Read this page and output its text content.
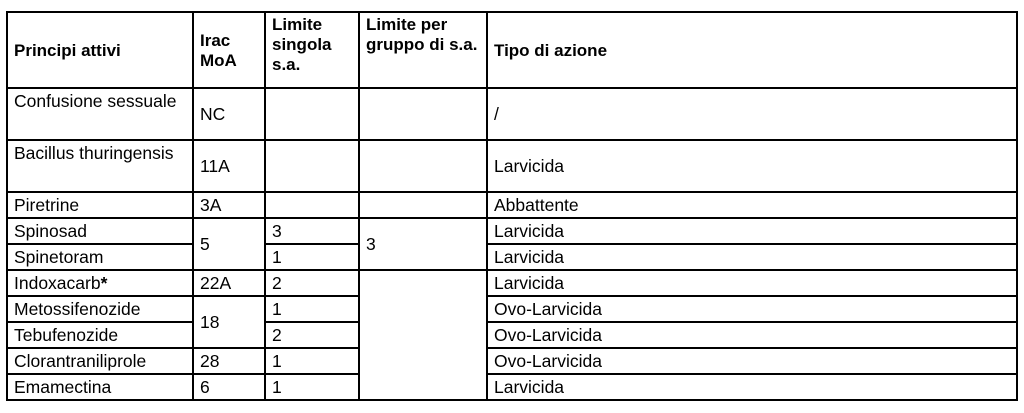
Principi attivi	Irac MoA	Limite singola s.a.	Limite per gruppo di s.a.	Tipo di azione
Confusione sessuale	NC			/
Bacillus thuringensis	11A			Larvicida
Piretrine	3A			Abbattente
Spinosad	5	3	3	Larvicida
Spinetoram		1		Larvicida
Indoxacarb*	22A	2		Larvicida
Metossifenozide	18	1		Ovo-Larvicida
Tebufenozide		2		Ovo-Larvicida
Clorantraniliprole	28	1		Ovo-Larvicida
Emamectina	6	1		Larvicida
